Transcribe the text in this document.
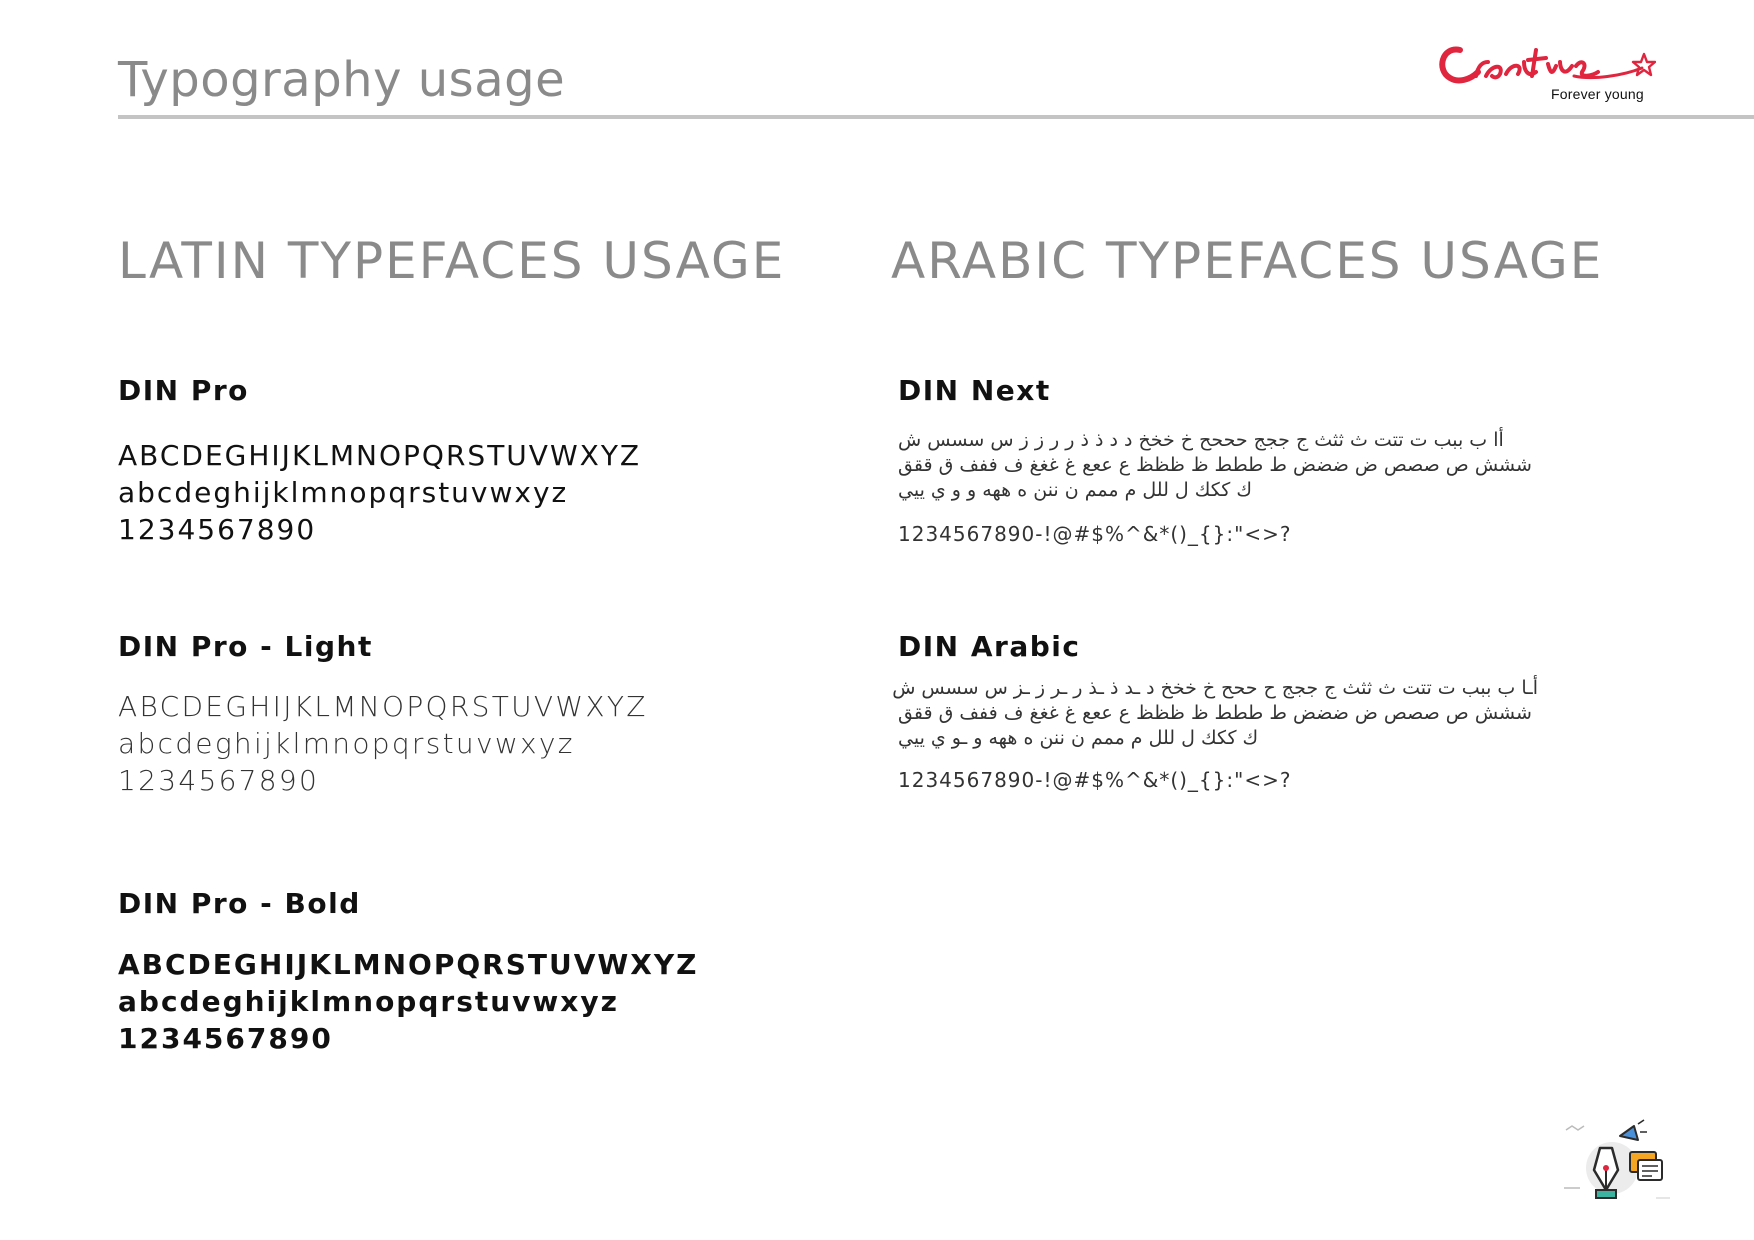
Typography usage	Forever young
LATIN TYPEFACES USAGE
DIN Pro
ABCDEGHIJKLMNOPQRSTUVWXYZ
abcdeghijklmnopqrstuvwxyz
1234567890
DIN Pro - Light
ABCDEGHIJKLMNOPQRSTUVWXYZ
abcdeghijklmnopqrstuvwxyz
1234567890
DIN Pro - Bold
ABCDEGHIJKLMNOPQRSTUVWXYZ
abcdeghijklmnopqrstuvwxyz
1234567890
ARABIC TYPEFACES USAGE
DIN Next
أا ب ببب ت تتت ث ثثث ج ججج حححح خ خخخ د د ذ ذ ر ر ز ز س سسس ش
ششش ص صصص ض ضضض ط ططط ظ ظظظ ع ععع غ غغغ ف ففف ق ققق
ك ككك ل للل م ممم ن ننن ه ههه و و ي ييي
1234567890-!@#$%^&*()_{}:"<>?
DIN Arabic
أـا ب ببب ت تتت ث ثثث ج ججج ح ححح خ خخخ د ـد ذ ـذ ر ـر ز ـز س سسس ش
ششش ص صصص ض ضضض ط ططط ظ ظظظ ع ععع غ غغغ ف ففف ق ققق
ك ككك ل للل م ممم ن ننن ه ههه و ـو ي ييي
1234567890-!@#$%^&*()_{}:"<>?
